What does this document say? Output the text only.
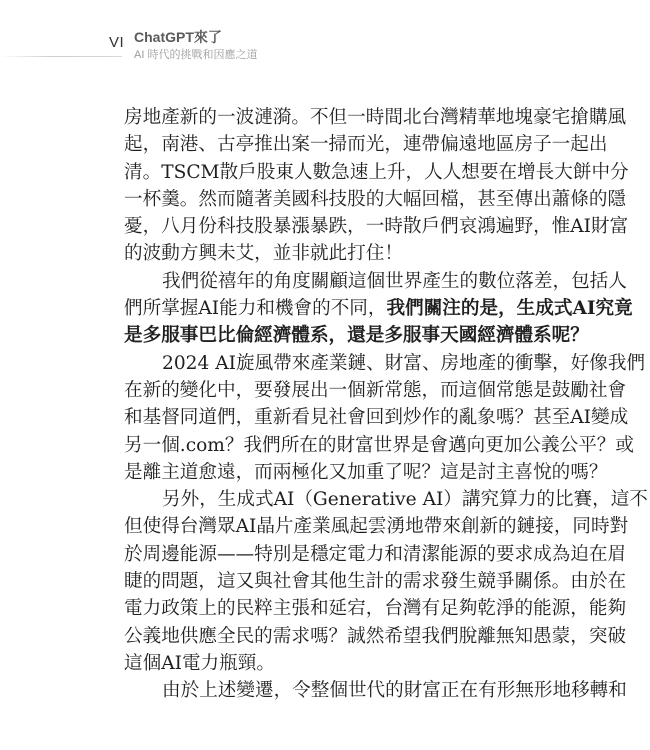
VI ChatGPT來了
AI 時代的挑戰和因應之道
房地產新的一波漣漪。不但一時間北台灣精華地塊豪宅搶購風
起，南港、古亭推出案一掃而光，連帶偏遠地區房子一起出
清。TSCM散戶股東人數急速上升，人人想要在增長大餅中分
一杯羹。然而隨著美國科技股的大幅回檔，甚至傳出蕭條的隱
憂，八月份科技股暴漲暴跌，一時散戶們哀鴻遍野，惟AI財富
的波動方興未艾，並非就此打住！
我們從禧年的角度關顧這個世界產生的數位落差，包括人
們所掌握AI能力和機會的不同，我們關注的是，生成式AI究竟
是多服事巴比倫經濟體系，還是多服事天國經濟體系呢？
2024 AI旋風帶來產業鏈、財富、房地產的衝擊，好像我們
在新的變化中，要發展出一個新常態，而這個常態是鼓勵社會
和基督同道們，重新看見社會回到炒作的亂象嗎？甚至AI變成
另一個.com？我們所在的財富世界是會邁向更加公義公平？或
是離主道愈遠，而兩極化又加重了呢？這是討主喜悅的嗎？
另外，生成式AI（Generative AI）講究算力的比賽，這不
但使得台灣眾AI晶片產業風起雲湧地帶來創新的鏈接，同時對
於周邊能源——特別是穩定電力和清潔能源的要求成為迫在眉
睫的問題，這又與社會其他生計的需求發生競爭關係。由於在
電力政策上的民粹主張和延宕，台灣有足夠乾淨的能源，能夠
公義地供應全民的需求嗎？誠然希望我們脫離無知愚蒙，突破
這個AI電力瓶頸。
由於上述變遷，令整個世代的財富正在有形無形地移轉和
